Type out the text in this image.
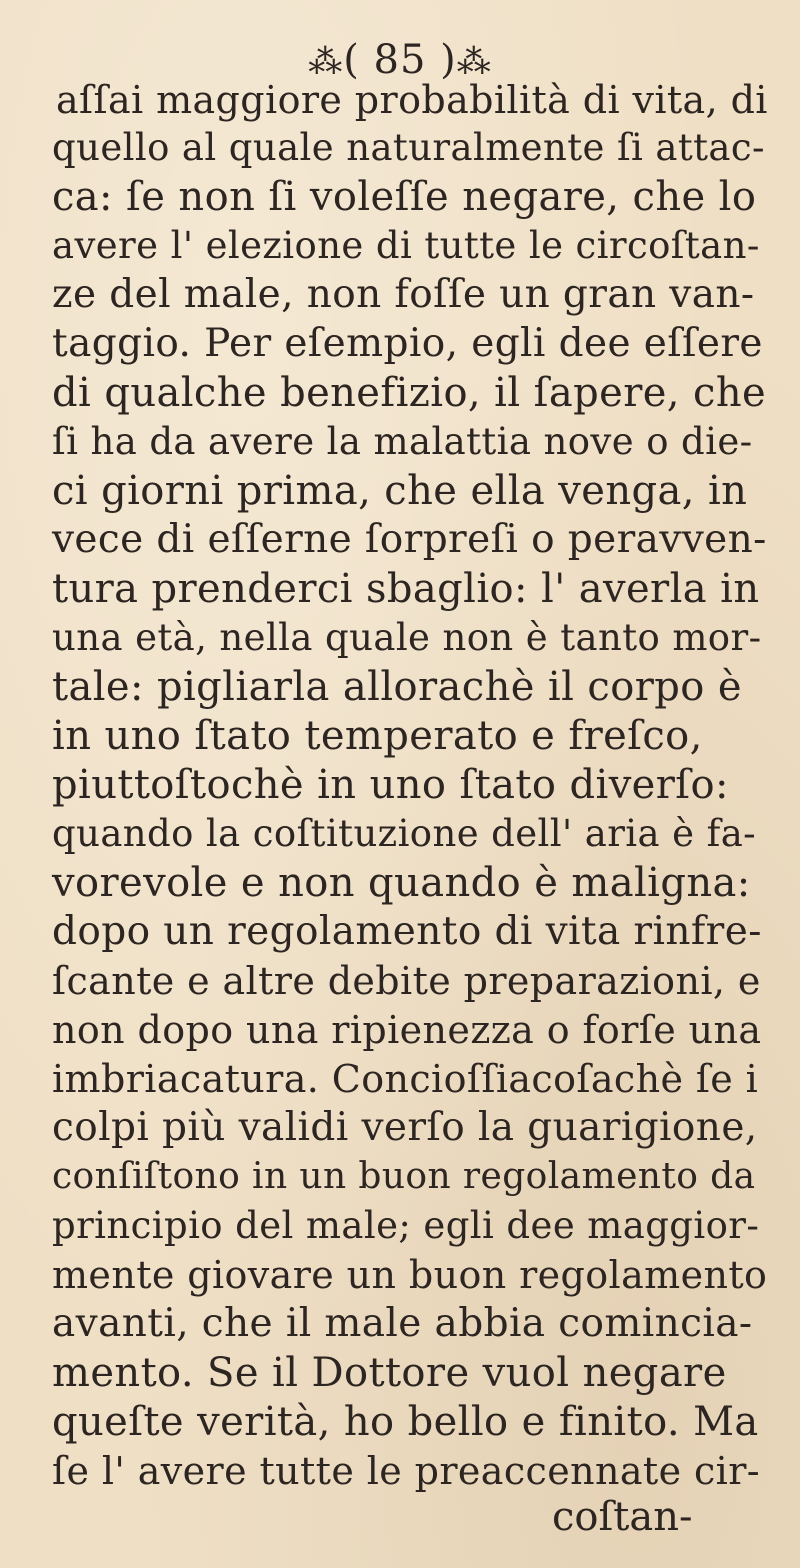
⁂( 85 )⁂
aſſai maggiore probabilità di vita, di
quello al quale naturalmente ſi attac-
ca: ſe non ſi voleſſe negare, che lo
avere l' elezione di tutte le circoſtan-
ze del male, non foſſe un gran van-
taggio. Per eſempio, egli dee eſſere
di qualche benefizio, il ſapere, che
ſi ha da avere la malattia nove o die-
ci giorni prima, che ella venga, in
vece di eſſerne ſorpreſi o peravven-
tura prenderci sbaglio: l' averla in
una età, nella quale non è tanto mor-
tale: pigliarla allorachè il corpo è
in uno ſtato temperato e freſco,
piuttoſtochè in uno ſtato diverſo:
quando la coſtituzione dell' aria è fa-
vorevole e non quando è maligna:
dopo un regolamento di vita rinfre-
ſcante e altre debite preparazioni, e
non dopo una ripienezza o forſe una
imbriacatura. Concioſſiacoſachè ſe i
colpi più validi verſo la guarigione,
conſiſtono in un buon regolamento da
principio del male; egli dee maggior-
mente giovare un buon regolamento
avanti, che il male abbia comincia-
mento. Se il Dottore vuol negare
queſte verità, ho bello e finito. Ma
ſe l' avere tutte le preaccennate cir-
coſtan-
